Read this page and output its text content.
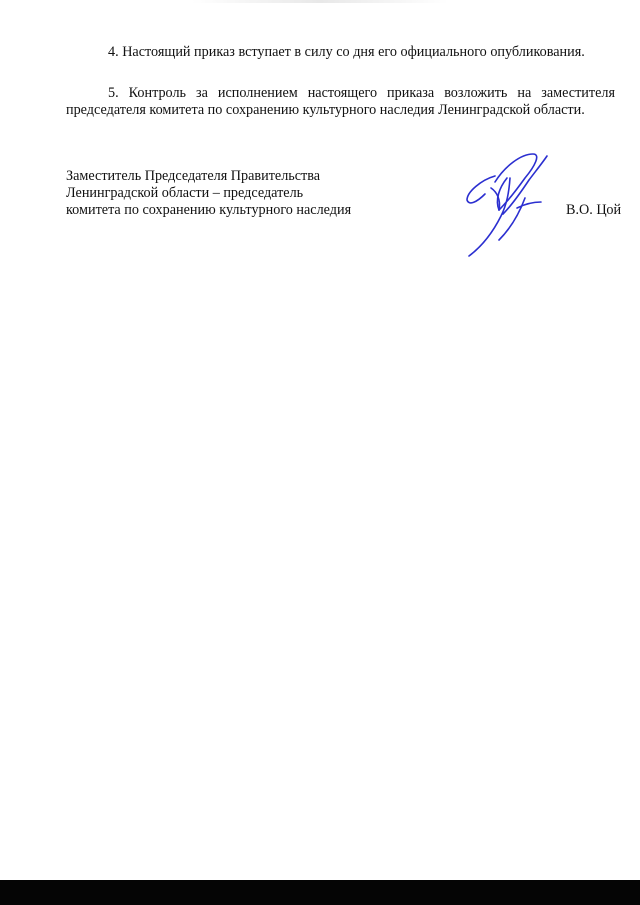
4. Настоящий приказ вступает в силу со дня его официального опубликования.

5. Контроль за исполнением настоящего приказа возложить на заместителя председателя комитета по сохранению культурного наследия Ленинградской области.

Заместитель Председателя Правительства
Ленинградской области – председатель
комитета по сохранению культурного наследия	В.О. Цой
